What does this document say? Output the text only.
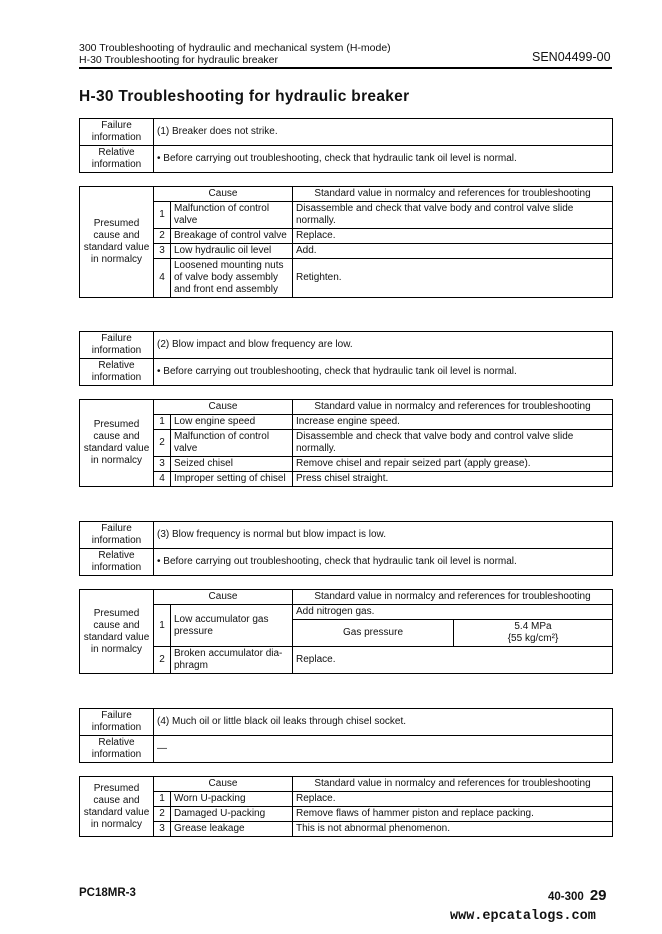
300 Troubleshooting of hydraulic and mechanical system (H-mode)
H-30 Troubleshooting for hydraulic breaker	SEN04499-00
H-30 Troubleshooting for hydraulic breaker
Failure information	(1) Breaker does not strike.
Relative information	• Before carrying out troubleshooting, check that hydraulic tank oil level is normal.
Presumed cause and standard value in normalcy	Cause		Standard value in normalcy and references for troubleshooting
	1	Malfunction of control valve	Disassemble and check that valve body and control valve slide normally.
	2	Breakage of control valve	Replace.
	3	Low hydraulic oil level	Add.
	4	Loosened mounting nuts of valve body assembly and front end assembly	Retighten.
Failure information	(2) Blow impact and blow frequency are low.
Relative information	• Before carrying out troubleshooting, check that hydraulic tank oil level is normal.
Presumed cause and standard value in normalcy	Cause		Standard value in normalcy and references for troubleshooting
	1	Low engine speed	Increase engine speed.
	2	Malfunction of control valve	Disassemble and check that valve body and control valve slide normally.
	3	Seized chisel	Remove chisel and repair seized part (apply grease).
	4	Improper setting of chisel	Press chisel straight.
Failure information	(3) Blow frequency is normal but blow impact is low.
Relative information	• Before carrying out troubleshooting, check that hydraulic tank oil level is normal.
Presumed cause and standard value in normalcy	Cause		Standard value in normalcy and references for troubleshooting	
	1	Low accumulator gas pressure	Add nitrogen gas.	
			Gas pressure	5.4 MPa
{55 kg/cm²}

	2	Broken accumulator dia-phragm	Replace.	
Failure information	(4) Much oil or little black oil leaks through chisel socket.
Relative information	—
Presumed cause and standard value in normalcy	Cause		Standard value in normalcy and references for troubleshooting
	1	Worn U-packing	Replace.
	2	Damaged U-packing	Remove flaws of hammer piston and replace packing.
	3	Grease leakage	This is not abnormal phenomenon.
PC18MR-3	40-300 29
www.epcatalogs.com
